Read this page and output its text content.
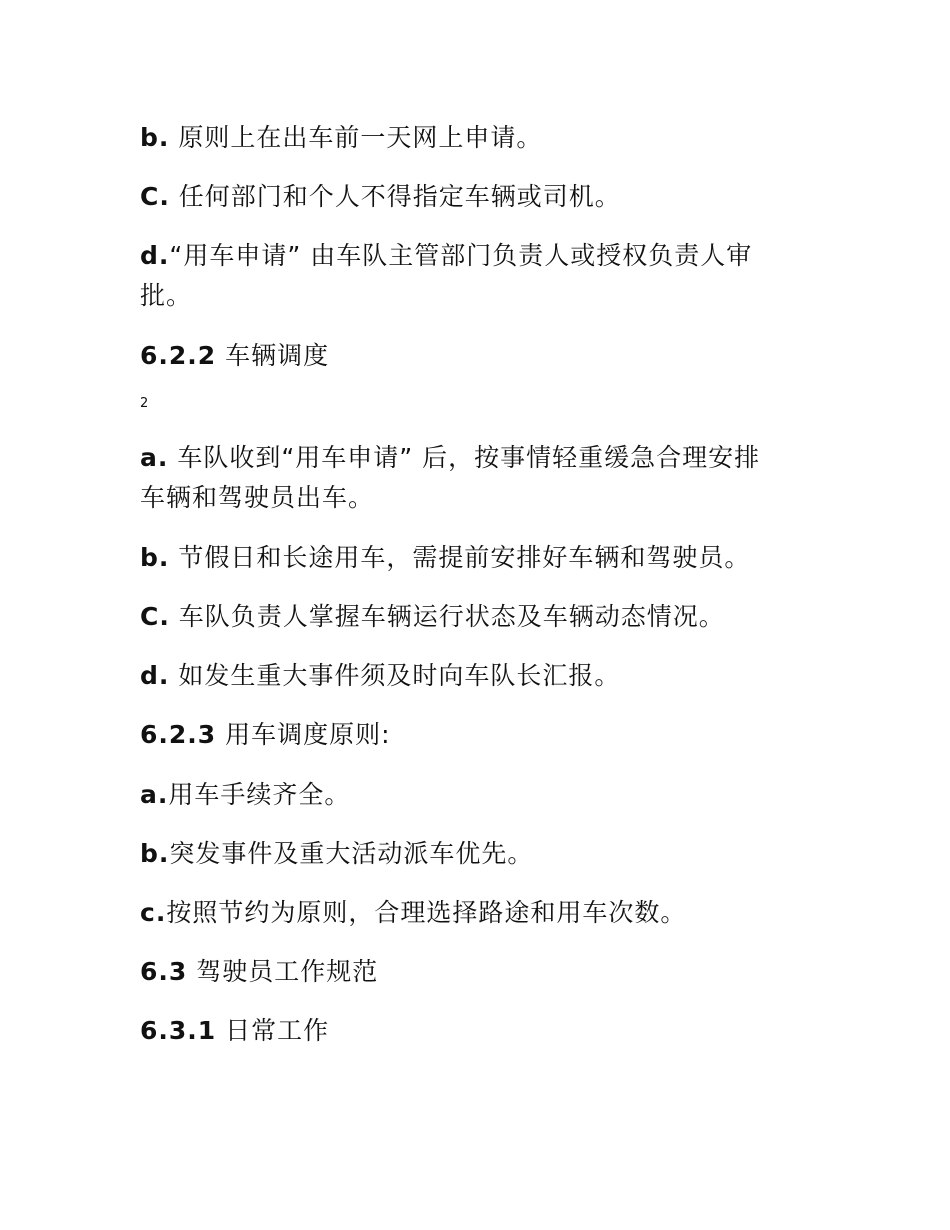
b. 原则上在出车前一天网上申请。
C. 任何部门和个人不得指定车辆或司机。
d.“用车申请” 由车队主管部门负责人或授权负责人审
批。
6.2.2 车辆调度
2
a. 车队收到“用车申请” 后，按事情轻重缓急合理安排
车辆和驾驶员出车。
b. 节假日和长途用车，需提前安排好车辆和驾驶员。
C. 车队负责人掌握车辆运行状态及车辆动态情况。
d. 如发生重大事件须及时向车队长汇报。
6.2.3 用车调度原则:
a.用车手续齐全。
b.突发事件及重大活动派车优先。
c.按照节约为原则，合理选择路途和用车次数。
6.3 驾驶员工作规范
6.3.1 日常工作
